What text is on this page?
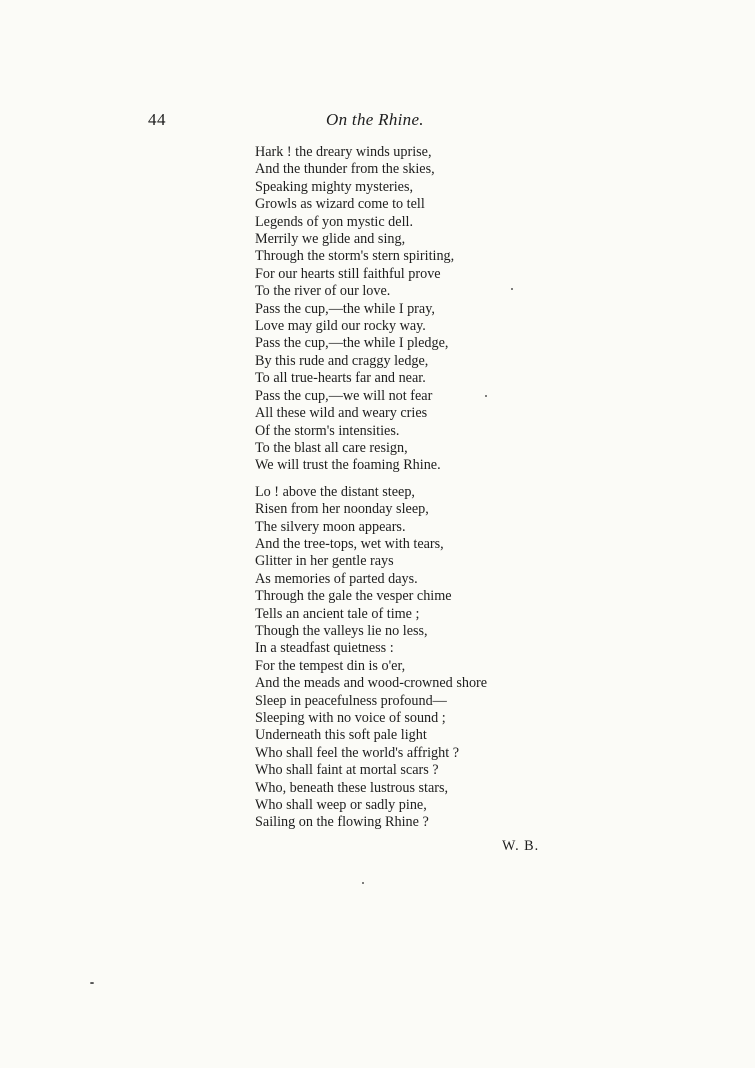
44	On the Rhine.
Hark ! the dreary winds uprise,
And the thunder from the skies,
Speaking mighty mysteries,
Growls as wizard come to tell
Legends of yon mystic dell.
Merrily we glide and sing,
Through the storm's stern spiriting,
For our hearts still faithful prove
To the river of our love.
Pass the cup,—the while I pray,
Love may gild our rocky way.
Pass the cup,—the while I pledge,
By this rude and craggy ledge,
To all true-hearts far and near.
Pass the cup,—we will not fear
All these wild and weary cries
Of the storm's intensities.
To the blast all care resign,
We will trust the foaming Rhine.
Lo ! above the distant steep,
Risen from her noonday sleep,
The silvery moon appears.
And the tree-tops, wet with tears,
Glitter in her gentle rays
As memories of parted days.
Through the gale the vesper chime
Tells an ancient tale of time ;
Though the valleys lie no less,
In a steadfast quietness :
For the tempest din is o'er,
And the meads and wood-crowned shore
Sleep in peacefulness profound—
Sleeping with no voice of sound ;
Underneath this soft pale light
Who shall feel the world's affright ?
Who shall faint at mortal scars ?
Who, beneath these lustrous stars,
Who shall weep or sadly pine,
Sailing on the flowing Rhine ?
W. B.
